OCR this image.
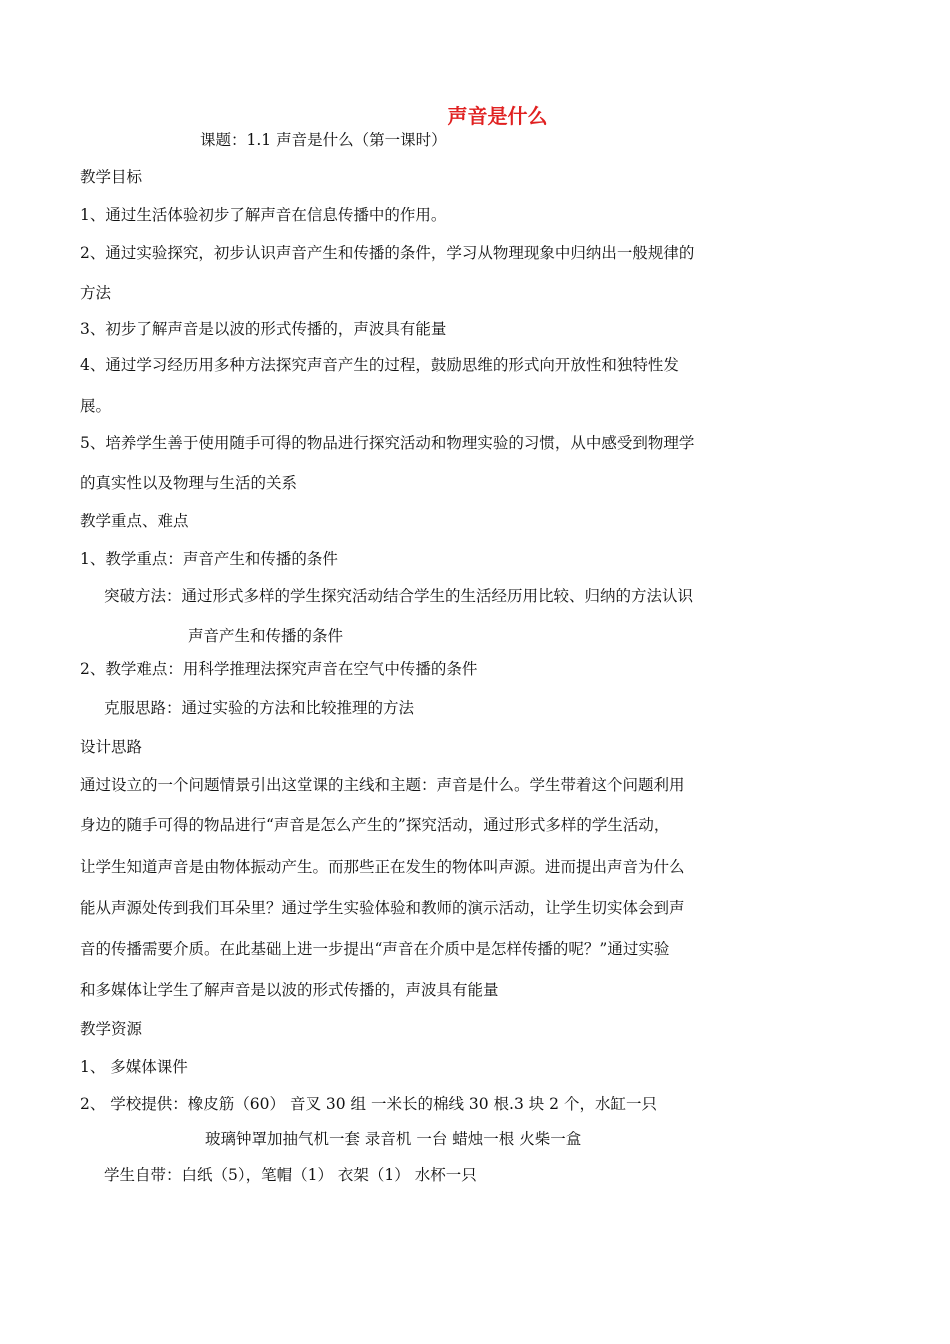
声音是什么
课题：1.1 声音是什么（第一课时）
教学目标
1、通过生活体验初步了解声音在信息传播中的作用。
2、通过实验探究，初步认识声音产生和传播的条件，学习从物理现象中归纳出一般规律的
方法
3、初步了解声音是以波的形式传播的，声波具有能量
4、通过学习经历用多种方法探究声音产生的过程，鼓励思维的形式向开放性和独特性发
展。
5、培养学生善于使用随手可得的物品进行探究活动和物理实验的习惯，从中感受到物理学
的真实性以及物理与生活的关系
教学重点、难点
1、教学重点：声音产生和传播的条件
突破方法：通过形式多样的学生探究活动结合学生的生活经历用比较、归纳的方法认识
声音产生和传播的条件
2、教学难点：用科学推理法探究声音在空气中传播的条件
克服思路：通过实验的方法和比较推理的方法
设计思路
通过设立的一个问题情景引出这堂课的主线和主题：声音是什么。学生带着这个问题利用
身边的随手可得的物品进行“声音是怎么产生的”探究活动，通过形式多样的学生活动，
让学生知道声音是由物体振动产生。而那些正在发生的物体叫声源。进而提出声音为什么
能从声源处传到我们耳朵里？通过学生实验体验和教师的演示活动，让学生切实体会到声
音的传播需要介质。在此基础上进一步提出“声音在介质中是怎样传播的呢？”通过实验
和多媒体让学生了解声音是以波的形式传播的，声波具有能量
教学资源
1、 多媒体课件
2、 学校提供：橡皮筋（60） 音叉 30 组 一米长的棉线 30 根.3 块 2 个，水缸一只
玻璃钟罩加抽气机一套 录音机 一台 蜡烛一根 火柴一盒
学生自带：白纸（5），笔帽（1） 衣架（1） 水杯一只
